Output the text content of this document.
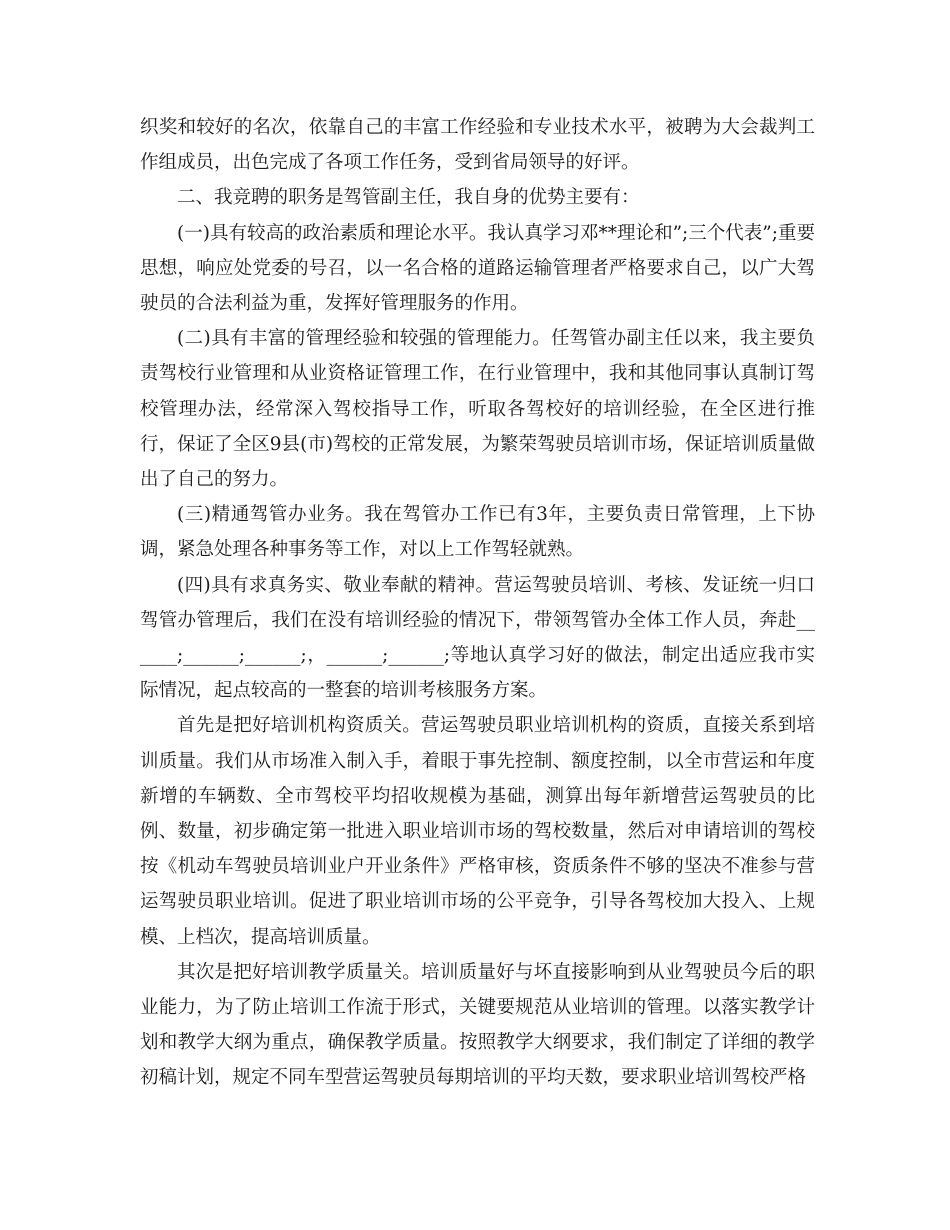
织奖和较好的名次，依靠自己的丰富工作经验和专业技术水平，被聘为大会裁判工作组成员，出色完成了各项工作任务，受到省局领导的好评。

二、我竞聘的职务是驾管副主任，我自身的优势主要有：

(一)具有较高的政治素质和理论水平。我认真学习邓**理论和”;三个代表”;重要思想，响应处党委的号召，以一名合格的道路运输管理者严格要求自己，以广大驾驶员的合法利益为重，发挥好管理服务的作用。

(二)具有丰富的管理经验和较强的管理能力。任驾管办副主任以来，我主要负责驾校行业管理和从业资格证管理工作，在行业管理中，我和其他同事认真制订驾校管理办法，经常深入驾校指导工作，听取各驾校好的培训经验，在全区进行推行，保证了全区9县(市)驾校的正常发展，为繁荣驾驶员培训市场，保证培训质量做出了自己的努力。

(三)精通驾管办业务。我在驾管办工作已有3年，主要负责日常管理，上下协调，紧急处理各种事务等工作，对以上工作驾轻就熟。

(四)具有求真务实、敬业奉献的精神。营运驾驶员培训、考核、发证统一归口驾管办管理后，我们在没有培训经验的情况下，带领驾管办全体工作人员，奔赴______;______;______;，______;______;等地认真学习好的做法，制定出适应我市实际情况，起点较高的一整套的培训考核服务方案。

首先是把好培训机构资质关。营运驾驶员职业培训机构的资质，直接关系到培训质量。我们从市场准入制入手，着眼于事先控制、额度控制，以全市营运和年度新增的车辆数、全市驾校平均招收规模为基础，测算出每年新增营运驾驶员的比例、数量，初步确定第一批进入职业培训市场的驾校数量，然后对申请培训的驾校按《机动车驾驶员培训业户开业条件》严格审核，资质条件不够的坚决不准参与营运驾驶员职业培训。促进了职业培训市场的公平竞争，引导各驾校加大投入、上规模、上档次，提高培训质量。

其次是把好培训教学质量关。培训质量好与坏直接影响到从业驾驶员今后的职业能力，为了防止培训工作流于形式，关键要规范从业培训的管理。以落实教学计划和教学大纲为重点，确保教学质量。按照教学大纲要求，我们制定了详细的教学初稿计划，规定不同车型营运驾驶员每期培训的平均天数，要求职业培训驾校严格
